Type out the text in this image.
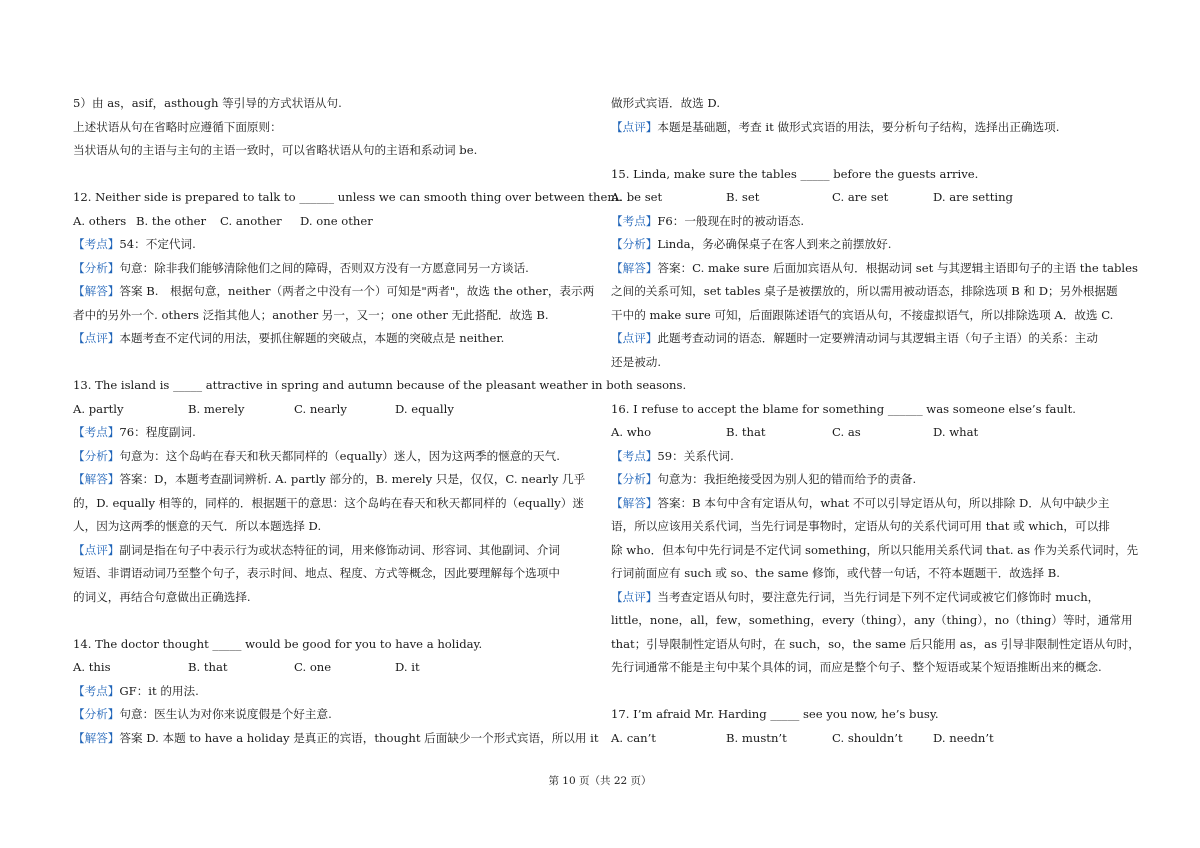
5）由 as，asif，asthough 等引导的方式状语从句.
上述状语从句在省略时应遵循下面原则：
当状语从句的主语与主句的主语一致时，可以省略状语从句的主语和系动词 be.
12. Neither side is prepared to talk to ______ unless we can smooth thing over between them.
A. others B. the other	C. another	D. one other
【考点】54：不定代词.
【分析】句意：除非我们能够清除他们之间的障碍，否则双方没有一方愿意同另一方谈话.
【解答】答案 B.　根据句意，neither（两者之中没有一个）可知是"两者"，故选 the other，表示两
者中的另外一个. others 泛指其他人；another 另一，又一；one other 无此搭配．故选 B.
【点评】本题考查不定代词的用法，要抓住解题的突破点，本题的突破点是 neither.
13. The island is _____ attractive in spring and autumn because of the pleasant weather in both seasons.
A. partly	B. merely	C. nearly	D. equally
【考点】76：程度副词.
【分析】句意为：这个岛屿在春天和秋天都同样的（equally）迷人，因为这两季的惬意的天气.
【解答】答案：D，本题考查副词辨析. A. partly 部分的，B. merely 只是，仅仅，C. nearly 几乎
的，D. equally 相等的，同样的．根据题干的意思：这个岛屿在春天和秋天都同样的（equally）迷
人，因为这两季的惬意的天气．所以本题选择 D.
【点评】副词是指在句子中表示行为或状态特征的词，用来修饰动词、形容词、其他副词、介词
短语、非谓语动词乃至整个句子，表示时间、地点、程度、方式等概念，因此要理解每个选项中
的词义，再结合句意做出正确选择.
14. The doctor thought _____ would be good for you to have a holiday.
A. this	B. that	C. one	D. it
【考点】GF：it 的用法.
【分析】句意：医生认为对你来说度假是个好主意.
【解答】答案 D. 本题 to have a holiday 是真正的宾语，thought 后面缺少一个形式宾语，所以用 it
做形式宾语．故选 D.
【点评】本题是基础题，考查 it 做形式宾语的用法，要分析句子结构，选择出正确选项.
15. Linda, make sure the tables _____ before the guests arrive.
A. be set	B. set	C. are set	D. are setting
【考点】F6：一般现在时的被动语态.
【分析】Linda，务必确保桌子在客人到来之前摆放好.
【解答】答案：C. make sure 后面加宾语从句．根据动词 set 与其逻辑主语即句子的主语 the tables
之间的关系可知，set tables 桌子是被摆放的，所以需用被动语态，排除选项 B 和 D；另外根据题
干中的 make sure 可知，后面跟陈述语气的宾语从句，不接虚拟语气，所以排除选项 A．故选 C.
【点评】此题考查动词的语态．解题时一定要辨清动词与其逻辑主语（句子主语）的关系：主动
还是被动.
16. I refuse to accept the blame for something ______ was someone else’s fault.
A. who	B. that	C. as	D. what
【考点】59：关系代词.
【分析】句意为：我拒绝接受因为别人犯的错而给予的责备.
【解答】答案：B 本句中含有定语从句，what 不可以引导定语从句，所以排除 D．从句中缺少主
语，所以应该用关系代词，当先行词是事物时，定语从句的关系代词可用 that 或 which，可以排
除 who．但本句中先行词是不定代词 something，所以只能用关系代词 that. as 作为关系代词时，先
行词前面应有 such 或 so、the same 修饰，或代替一句话，不符本题题干．故选择 B.
【点评】当考查定语从句时，要注意先行词，当先行词是下列不定代词或被它们修饰时 much，
little，none，all，few，something，every（thing），any（thing），no（thing）等时，通常用
that；引导限制性定语从句时，在 such，so，the same 后只能用 as，as 引导非限制性定语从句时，
先行词通常不能是主句中某个具体的词，而应是整个句子、整个短语或某个短语推断出来的概念.
17. I’m afraid Mr. Harding _____ see you now, he’s busy.
A. can’t	B. mustn’t	C. shouldn’t	D. needn’t
第 10 页（共 22 页）
